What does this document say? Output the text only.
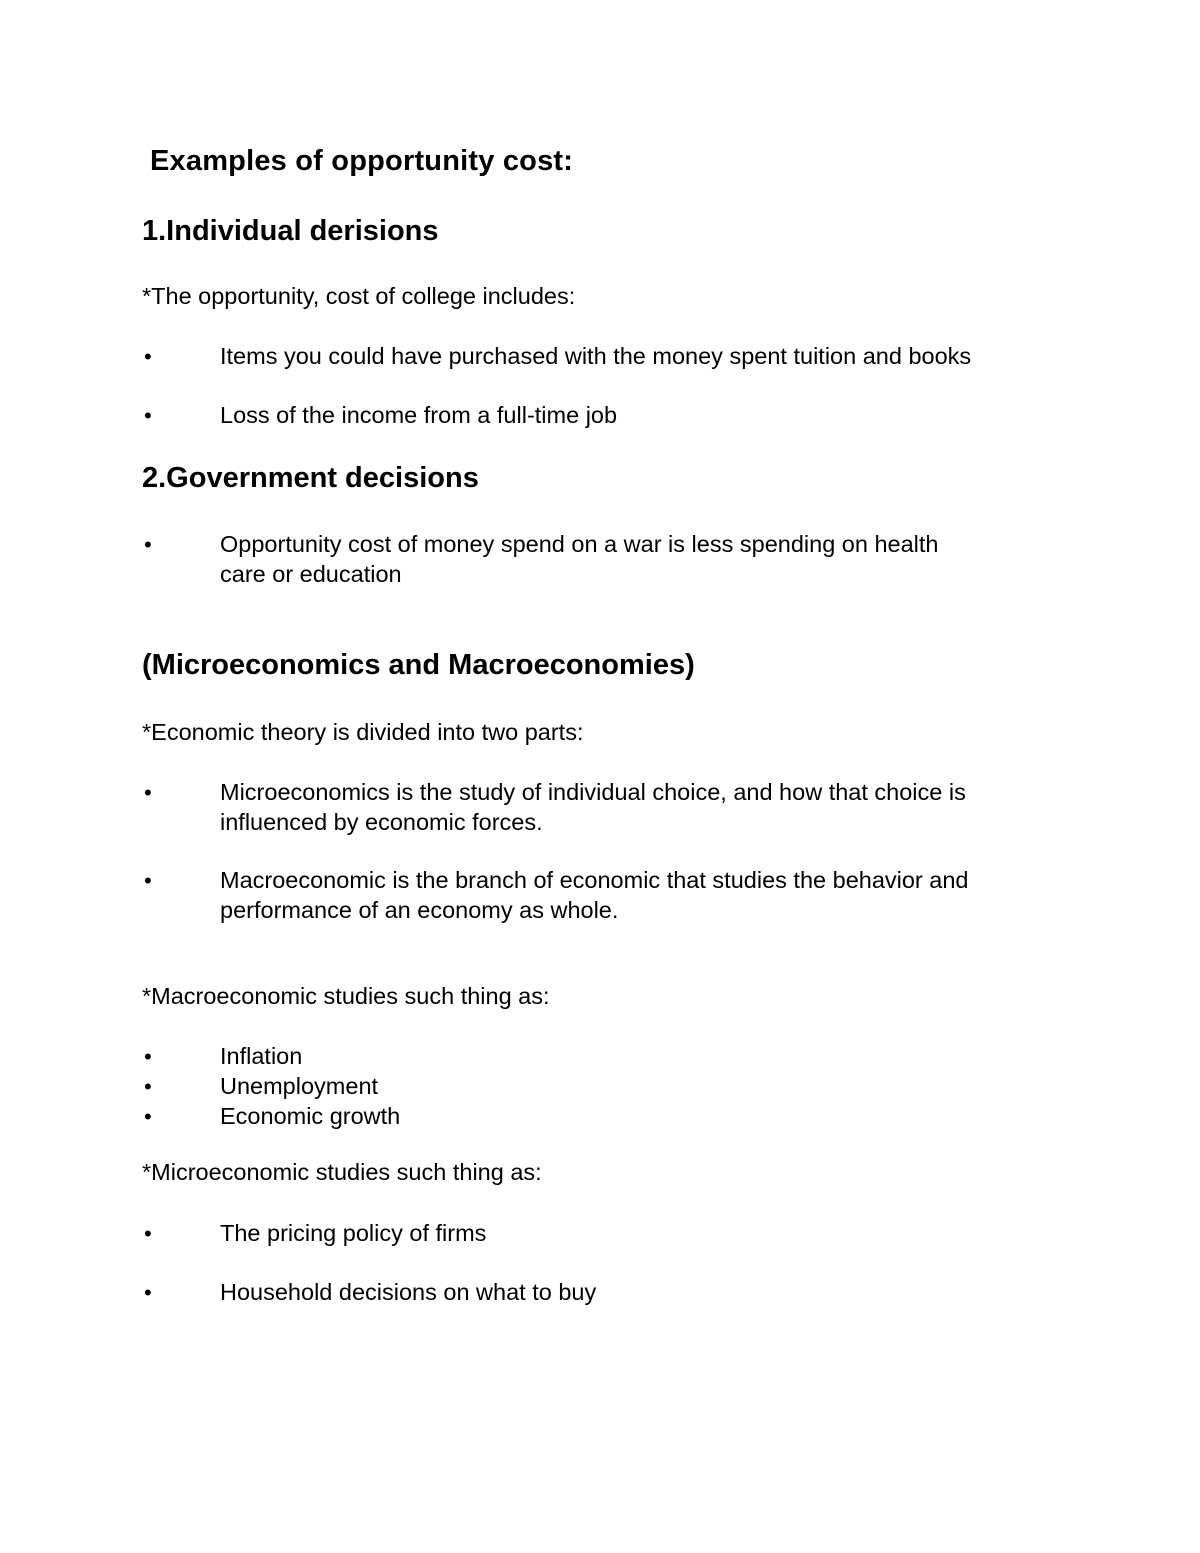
Examples of opportunity cost:
1.Individual derisions
*The opportunity, cost of college includes:
•	Items you could have purchased with the money spent tuition and books
•	Loss of the income from a full-time job
2.Government decisions
•	Opportunity cost of money spend on a war is less spending on health
care or education
(Microeconomics and Macroeconomies)
*Economic theory is divided into two parts:
•	Microeconomics is the study of individual choice, and how that choice is
influenced by economic forces.
•	Macroeconomic is the branch of economic that studies the behavior and
performance of an economy as whole.
*Macroeconomic studies such thing as:
•	Inflation
•	Unemployment
•	Economic growth
*Microeconomic studies such thing as:
•	The pricing policy of firms
•	Household decisions on what to buy
